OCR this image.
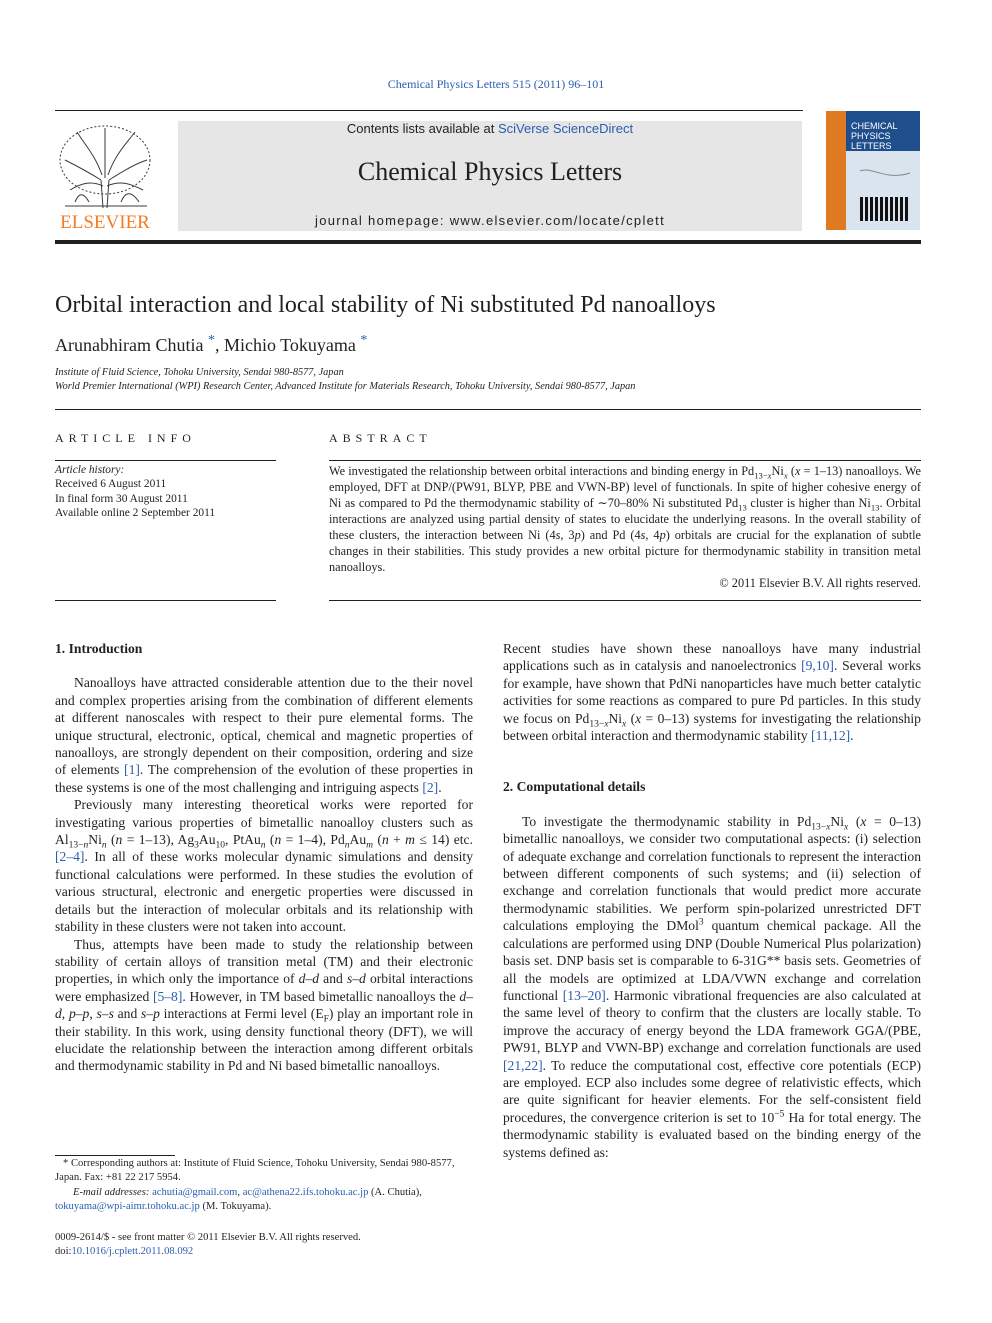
Chemical Physics Letters 515 (2011) 96–101
ELSEVIER
Contents lists available at SciVerse ScienceDirect
Chemical Physics Letters
journal homepage: www.elsevier.com/locate/cplett
CHEMICAL
PHYSICS
LETTERS
Orbital interaction and local stability of Ni substituted Pd nanoalloys
Arunabhiram Chutia *, Michio Tokuyama *
Institute of Fluid Science, Tohoku University, Sendai 980-8577, Japan
World Premier International (WPI) Research Center, Advanced Institute for Materials Research, Tohoku University, Sendai 980-8577, Japan
ARTICLE INFO
Article history:
Received 6 August 2011
In final form 30 August 2011
Available online 2 September 2011
ABSTRACT
We investigated the relationship between orbital interactions and binding energy in $Pd_{13-x}Ni_x$ (x = 1–13) nanoalloys. We employed, DFT at DNP/(PW91, BLYP, PBE and VWN-BP) level of functionals. In spite of higher cohesive energy of Ni as compared to Pd the thermodynamic stability of ∼70–80% Ni substituted $Pd_{13}$ cluster is higher than $Ni_{13}$. Orbital interactions are analyzed using partial density of states to elucidate the underlying reasons. In the overall stability of these clusters, the interaction between Ni (4s, 3p) and Pd (4s, 4p) orbitals are crucial for the explanation of subtle changes in their stabilities. This study provides a new orbital picture for thermodynamic stability in transition metal nanoalloys.
© 2011 Elsevier B.V. All rights reserved.
1. Introduction

Nanoalloys have attracted considerable attention due to the their novel and complex properties arising from the combination of different elements at different nanoscales with respect to their pure elemental forms. The unique structural, electronic, optical, chemical and magnetic properties of nanoalloys, are strongly dependent on their composition, ordering and size of elements [1]. The comprehension of the evolution of these properties in these systems is one of the most challenging and intriguing aspects [2].

Previously many interesting theoretical works were reported for investigating various properties of bimetallic nanoalloy clusters such as $Al_{13-n}Ni_n$ (n = 1–13), $Ag_3Au_{10}$, PtAu$_n$ (n = 1–4), $Pd_nAu_m$ (n + m ≤ 14) etc. [2–4]. In all of these works molecular dynamic simulations and density functional calculations were performed. In these studies the evolution of various structural, electronic and energetic properties were discussed in details but the interaction of molecular orbitals and its relationship with stability in these clusters were not taken into account.

Thus, attempts have been made to study the relationship between stability of certain alloys of transition metal (TM) and their electronic properties, in which only the importance of d–d and s–d orbital interactions were emphasized [5–8]. However, in TM based bimetallic nanoalloys the d–d, p–p, s–s and s–p interactions at Fermi level $(E_F)$ play an important role in their stability. In this work, using density functional theory (DFT), we will elucidate the relationship between the interaction among different orbitals and thermodynamic stability in Pd and Ni based bimetallic nanoalloys.

* Corresponding authors at: Institute of Fluid Science, Tohoku University, Sendai 980-8577, Japan. Fax: +81 22 217 5954.
E-mail addresses: achutia@gmail.com, ac@athena22.ifs.tohoku.ac.jp (A. Chutia), tokuyama@wpi-aimr.tohoku.ac.jp (M. Tokuyama).
0009-2614/$ - see front matter © 2011 Elsevier B.V. All rights reserved.
doi:10.1016/j.cplett.2011.08.092

Recent studies have shown these nanoalloys have many industrial applications such as in catalysis and nanoelectronics [9,10]. Several works for example, have shown that PdNi nanoparticles have much better catalytic activities for some reactions as compared to pure Pd particles. In this study we focus on $Pd_{13-x}Ni_x$ (x = 0–13) systems for investigating the relationship between orbital interaction and thermodynamic stability [11,12].

2. Computational details

To investigate the thermodynamic stability in $Pd_{13-x}Ni_x$ (x = 0–13) bimetallic nanoalloys, we consider two computational aspects: (i) selection of adequate exchange and correlation functionals to represent the interaction between different components of such systems; and (ii) selection of exchange and correlation functionals that would predict more accurate thermodynamic stabilities. We perform spin-polarized unrestricted DFT calculations employing the DMol$^3$ quantum chemical package. All the calculations are performed using DNP (Double Numerical Plus polarization) basis set. DNP basis set is comparable to 6-31G** basis sets. Geometries of all the models are optimized at LDA/VWN exchange and correlation functional [13–20]. Harmonic vibrational frequencies are also calculated at the same level of theory to confirm that the clusters are locally stable. To improve the accuracy of energy beyond the LDA framework GGA/(PBE, PW91, BLYP and VWN-BP) exchange and correlation functionals are used [21,22]. To reduce the computational cost, effective core potentials (ECP) are employed. ECP also includes some degree of relativistic effects, which are quite significant for heavier elements. For the self-consistent field procedures, the convergence criterion is set to $10^{-5}$ Ha for total energy. The thermodynamic stability is evaluated based on the binding energy of the systems defined as:
